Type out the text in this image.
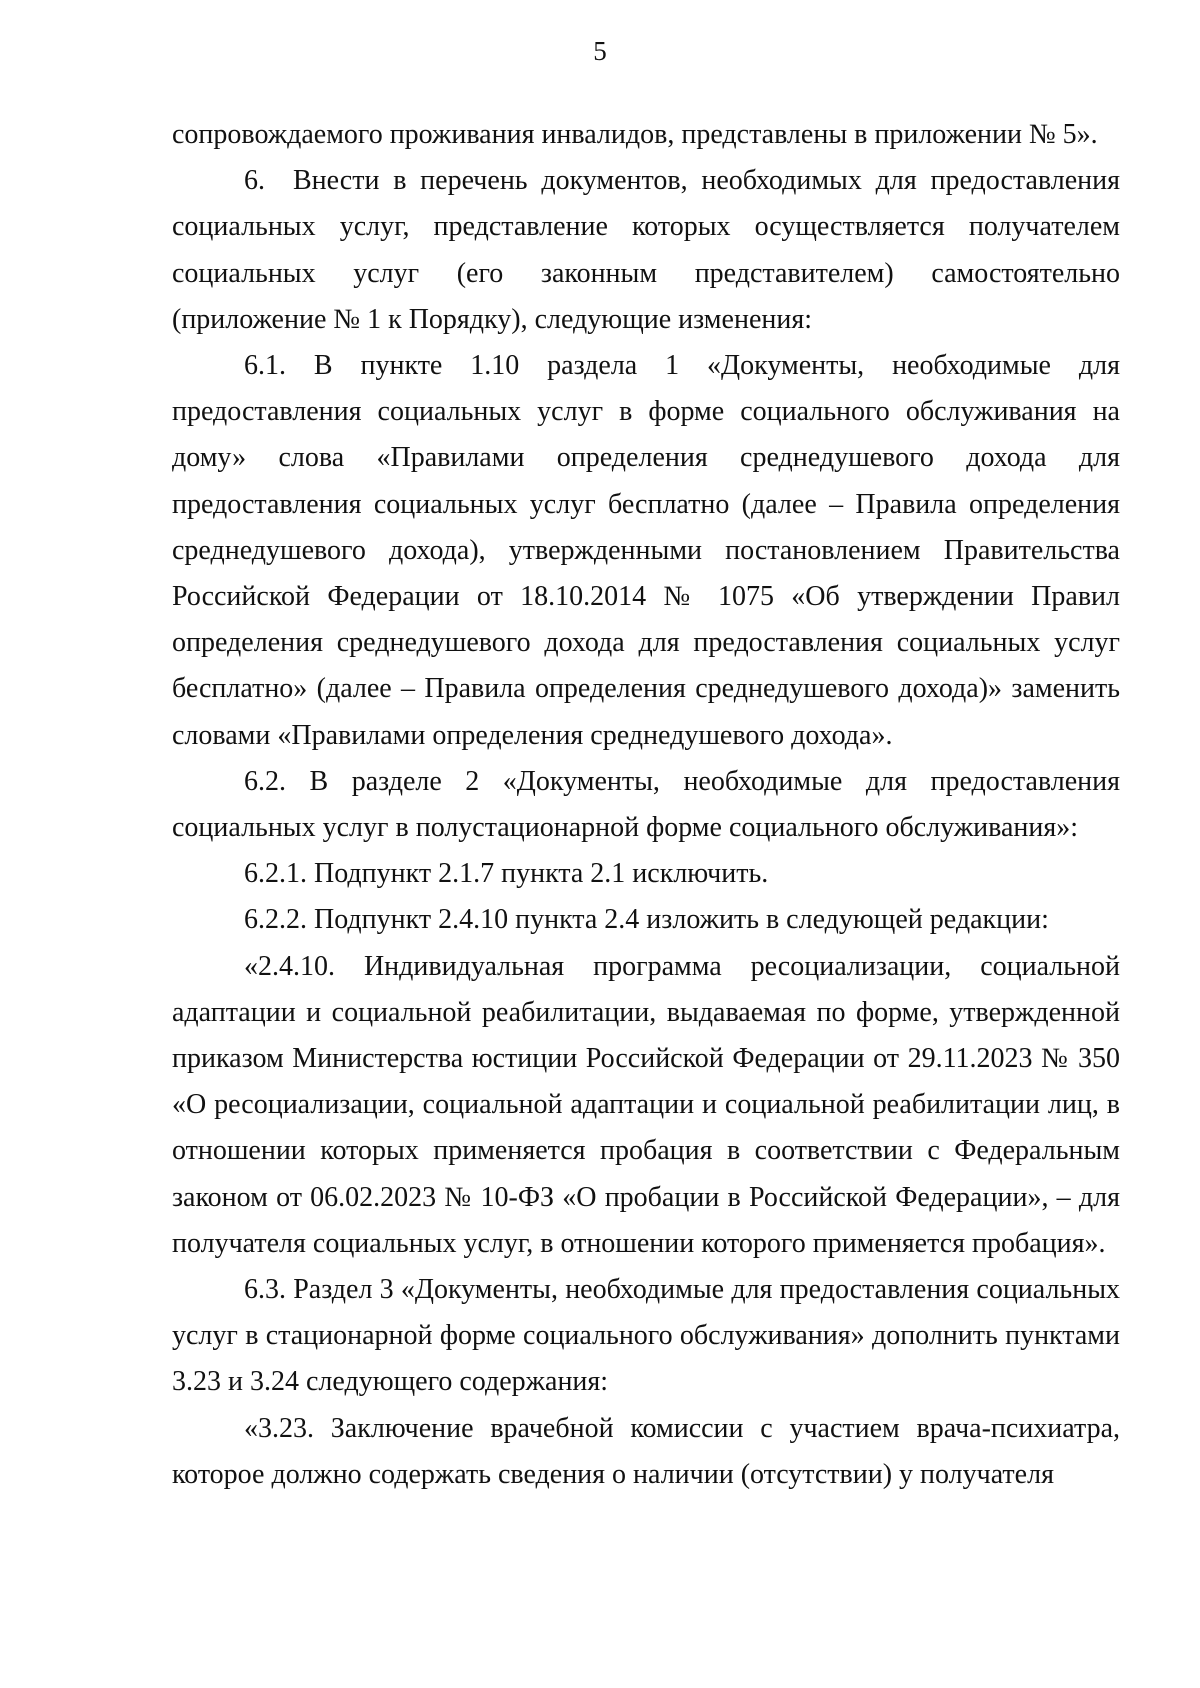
5

сопровождаемого проживания инвалидов, представлены в приложении № 5».

6. Внести в перечень документов, необходимых для предоставления социальных услуг, представление которых осуществляется получателем социальных услуг (его законным представителем) самостоятельно (приложение № 1 к Порядку), следующие изменения:

6.1. В пункте 1.10 раздела 1 «Документы, необходимые для предоставления социальных услуг в форме социального обслуживания на дому» слова «Правилами определения среднедушевого дохода для предоставления социальных услуг бесплатно (далее – Правила определения среднедушевого дохода), утвержденными постановлением Правительства Российской Федерации от 18.10.2014 № 1075 «Об утверждении Правил определения среднедушевого дохода для предоставления социальных услуг бесплатно» (далее – Правила определения среднедушевого дохода)» заменить словами «Правилами определения среднедушевого дохода».

6.2. В разделе 2 «Документы, необходимые для предоставления социальных услуг в полустационарной форме социального обслуживания»:

6.2.1. Подпункт 2.1.7 пункта 2.1 исключить.

6.2.2. Подпункт 2.4.10 пункта 2.4 изложить в следующей редакции:

«2.4.10. Индивидуальная программа ресоциализации, социальной адаптации и социальной реабилитации, выдаваемая по форме, утвержденной приказом Министерства юстиции Российской Федерации от 29.11.2023 № 350 «О ресоциализации, социальной адаптации и социальной реабилитации лиц, в отношении которых применяется пробация в соответствии с Федеральным законом от 06.02.2023 № 10-ФЗ «О пробации в Российской Федерации», – для получателя социальных услуг, в отношении которого применяется пробация».

6.3. Раздел 3 «Документы, необходимые для предоставления социальных услуг в стационарной форме социального обслуживания» дополнить пунктами 3.23 и 3.24 следующего содержания:

«3.23. Заключение врачебной комиссии с участием врача-психиатра, которое должно содержать сведения о наличии (отсутствии) у получателя
